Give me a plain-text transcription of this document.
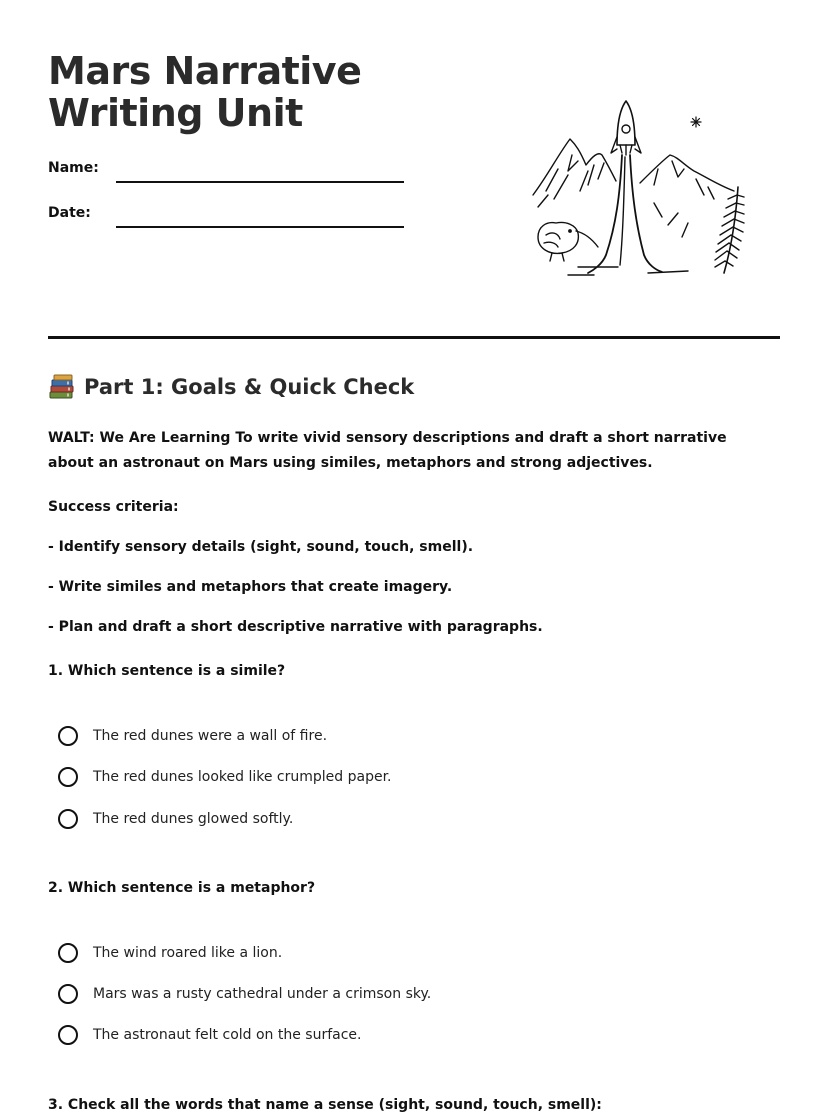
Mars Narrative Writing Unit
Name:
Date:
Part 1: Goals & Quick Check
WALT: We Are Learning To write vivid sensory descriptions and draft a short narrative about an astronaut on Mars using similes, metaphors and strong adjectives.
Success criteria:
- Identify sensory details (sight, sound, touch, smell).
- Write similes and metaphors that create imagery.
- Plan and draft a short descriptive narrative with paragraphs.
1. Which sentence is a simile?
The red dunes were a wall of fire.
The red dunes looked like crumpled paper.
The red dunes glowed softly.
2. Which sentence is a metaphor?
The wind roared like a lion.
Mars was a rusty cathedral under a crimson sky.
The astronaut felt cold on the surface.
3. Check all the words that name a sense (sight, sound, touch, smell):
